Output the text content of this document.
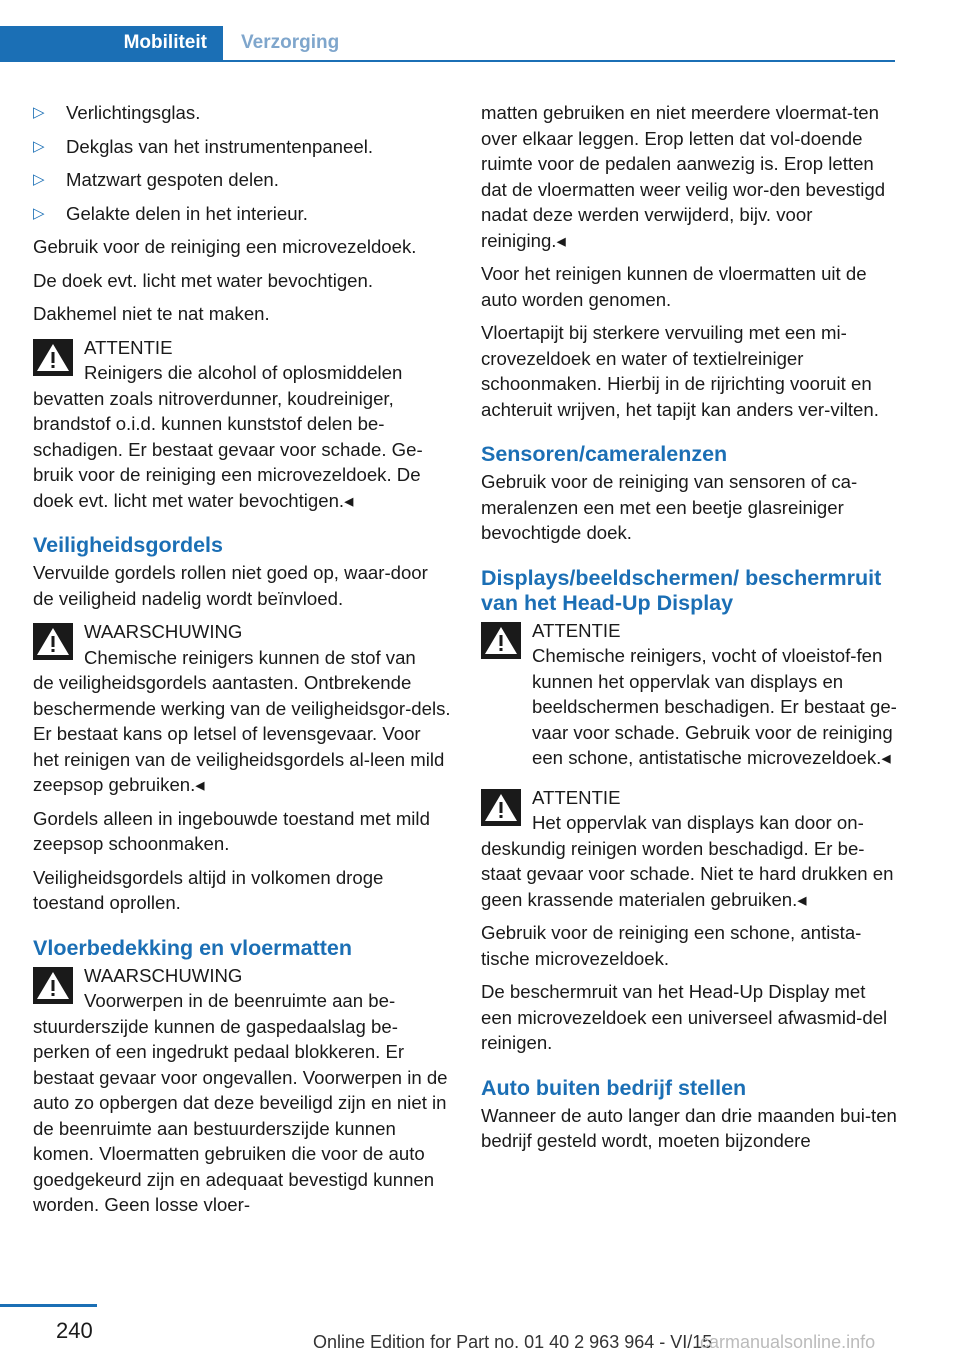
Mobiliteit	Verzorging
▷ Verlichtingsglas.
▷ Dekglas van het instrumentenpaneel.
▷ Matzwart gespoten delen.
▷ Gelakte delen in het interieur.

Gebruik voor de reiniging een microvezeldoek.

De doek evt. licht met water bevochtigen.

Dakhemel niet te nat maken.

ATTENTIE
Reinigers die alcohol of oplosmiddelen
bevatten zoals nitroverdunner, koudreiniger, brandstof o.i.d. kunnen kunststof delen be-schadigen. Er bestaat gevaar voor schade. Ge-bruik voor de reiniging een microvezeldoek. De doek evt. licht met water bevochtigen.◂
Veiligheidsgordels

Vervuilde gordels rollen niet goed op, waar-door de veiligheid nadelig wordt beïnvloed.

WAARSCHUWING
Chemische reinigers kunnen de stof van
de veiligheidsgordels aantasten. Ontbrekende beschermende werking van de veiligheidsgor-dels. Er bestaat kans op letsel of levensgevaar. Voor het reinigen van de veiligheidsgordels al-leen mild zeepsop gebruiken.◂

Gordels alleen in ingebouwde toestand met mild zeepsop schoonmaken.

Veiligheidsgordels altijd in volkomen droge toestand oprollen.

Vloerbedekking en vloermatten
WAARSCHUWING
Voorwerpen in de beenruimte aan be-
stuurderszijde kunnen de gaspedaalslag be-perken of een ingedrukt pedaal blokkeren. Er bestaat gevaar voor ongevallen. Voorwerpen in de auto zo opbergen dat deze beveiligd zijn en niet in de beenruimte aan bestuurderszijde kunnen komen. Vloermatten gebruiken die voor de auto goedgekeurd zijn en adequaat bevestigd kunnen worden. Geen losse vloer-

matten gebruiken en niet meerdere vloermat-ten over elkaar leggen. Erop letten dat vol-doende ruimte voor de pedalen aanwezig is. Erop letten dat de vloermatten weer veilig wor-den bevestigd nadat deze werden verwijderd, bijv. voor reiniging.◂

Voor het reinigen kunnen de vloermatten uit de auto worden genomen.

Vloertapijt bij sterkere vervuiling met een mi-crovezeldoek en water of textielreiniger schoonmaken. Hierbij in de rijrichting vooruit en achteruit wrijven, het tapijt kan anders ver-vilten.

Sensoren/cameralenzen

Gebruik voor de reiniging van sensoren of ca-meralenzen een met een beetje glasreiniger bevochtigde doek.

Displays/beeldschermen/ beschermruit van het Head-Up Display
ATTENTIE
Chemische reinigers, vocht of vloeistof-fen kunnen het oppervlak van displays en beeldschermen beschadigen. Er bestaat ge-vaar voor schade. Gebruik voor de reiniging een schone, antistatische microvezeldoek.◂
ATTENTIE
Het oppervlak van displays kan door on-
deskundig reinigen worden beschadigd. Er be-staat gevaar voor schade. Niet te hard drukken en geen krassende materialen gebruiken.◂

Gebruik voor de reiniging een schone, antista-tische microvezeldoek.

De beschermruit van het Head-Up Display met een microvezeldoek een universeel afwasmid-del reinigen.

Auto buiten bedrijf stellen

Wanneer de auto langer dan drie maanden bui-ten bedrijf gesteld wordt, moeten bijzondere

240	Online Edition for Part no. 01 40 2 963 964 - VI/15
carmanualsonline.info
